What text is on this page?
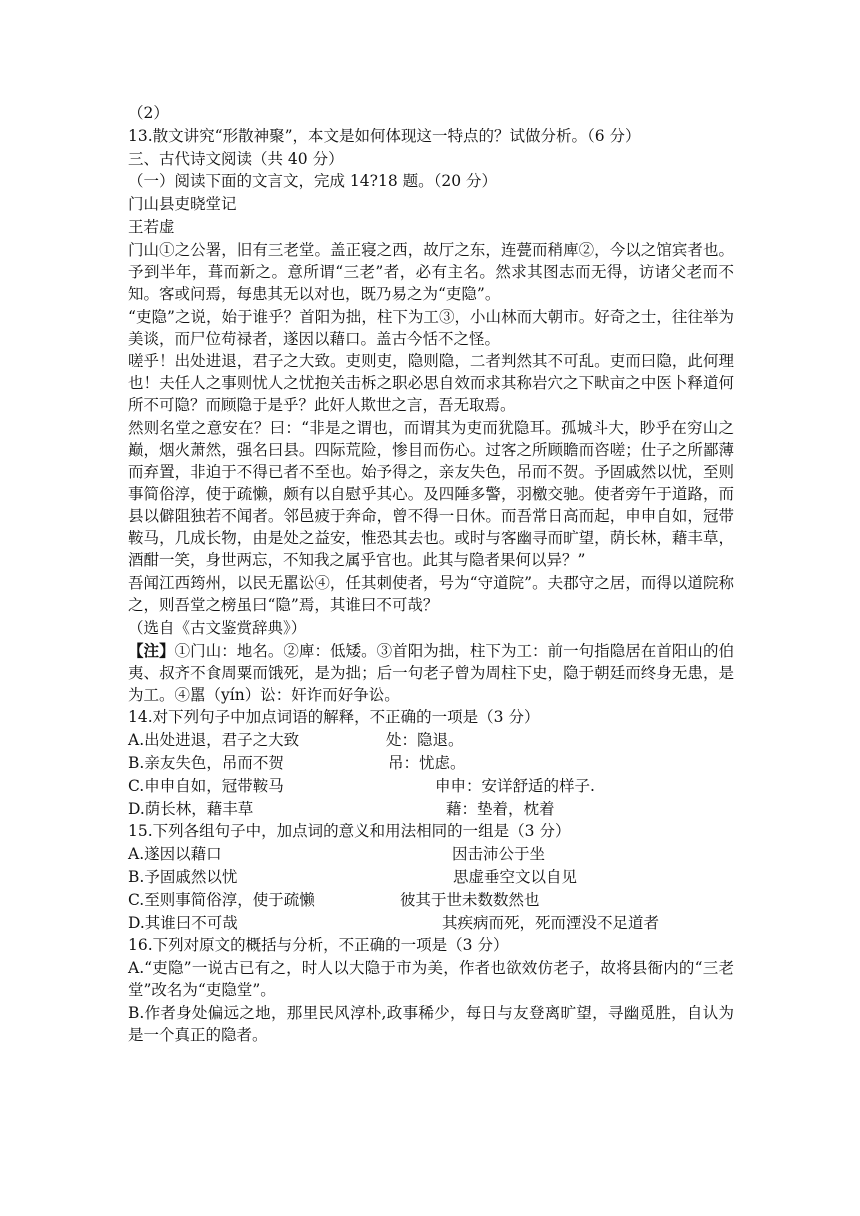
（2）
13.散文讲究“形散神聚”，本文是如何体现这一特点的？试做分析。（6 分）
三、古代诗文阅读（共 40 分）
（一）阅读下面的文言文，完成 14?18 题。（20 分）
门山县吏晓堂记
王若虚
门山①之公署，旧有三老堂。盖正寝之西，故厅之东，连甍而稍庳②，今以之馆宾者也。予到半年，葺而新之。意所谓“三老”者，必有主名。然求其图志而无得，访诸父老而不知。客或问焉，每患其无以对也，既乃易之为“吏隐”。
“吏隐”之说，始于谁乎？首阳为拙，柱下为工③，小山林而大朝市。好奇之士，往往举为美谈，而尸位苟禄者，遂因以藉口。盖古今恬不之怪。
嗟乎！出处进退，君子之大致。吏则吏，隐则隐，二者判然其不可乱。吏而曰隐，此何理也！夫任人之事则忧人之忧抱关击柝之职必思自效而求其称岩穴之下畎亩之中医卜释道何所不可隐？而顾隐于是乎？此奸人欺世之言，吾无取焉。
然则名堂之意安在？曰：“非是之谓也，而谓其为吏而犹隐耳。孤城斗大，眇乎在穷山之巅，烟火萧然，强名曰县。四际荒险，惨目而伤心。过客之所顾瞻而咨嗟；仕子之所鄙薄而弃置，非迫于不得已者不至也。始予得之，亲友失色，吊而不贺。予固戚然以忧，至则事简俗淳，使于疏懒，颇有以自慰乎其心。及四陲多警，羽檄交驰。使者旁午于道路，而县以僻阻独若不闻者。邻邑疲于奔命，曾不得一日休。而吾常日高而起，申申自如，冠带鞍马，几成长物，由是处之益安，惟恐其去也。或时与客幽寻而旷望，荫长林，藉丰草，酒酣一笑，身世两忘，不知我之属乎官也。此其与隐者果何以异？”
吾闻江西筠州，以民无嚚讼④，任其刺使者，号为“守道院”。夫郡守之居，而得以道院称之，则吾堂之榜虽曰“隐”焉，其谁曰不可哉？
（选自《古文鉴赏辞典》）
【注】①门山：地名。②庳：低矮。③首阳为拙，柱下为工：前一句指隐居在首阳山的伯夷、叔齐不食周粟而饿死，是为拙；后一句老子曾为周柱下史，隐于朝廷而终身无患，是为工。④嚚（yín）讼：奸诈而好争讼。
14.对下列句子中加点词语的解释，不正确的一项是（3 分）
A.出处进退，君子之大致	处：隐退。
B.亲友失色，吊而不贺	吊：忧虑。
C.申申自如，冠带鞍马	申申：安详舒适的样子.
D.荫长林，藉丰草	藉：垫着，枕着
15.下列各组句子中，加点词的意义和用法相同的一组是（3 分）
A.遂因以藉口	因击沛公于坐
B.予固戚然以忧	思虚垂空文以自见
C.至则事简俗淳，使于疏懒	彼其于世未数数然也
D.其谁曰不可哉	其疾病而死，死而湮没不足道者
16.下列对原文的概括与分析，不正确的一项是（3 分）
A.“吏隐”一说古已有之，时人以大隐于市为美，作者也欲效仿老子，故将县衙内的“三老堂”改名为“吏隐堂”。
B.作者身处偏远之地，那里民风淳朴,政事稀少，每日与友登离旷望，寻幽觅胜，自认为是一个真正的隐者。
